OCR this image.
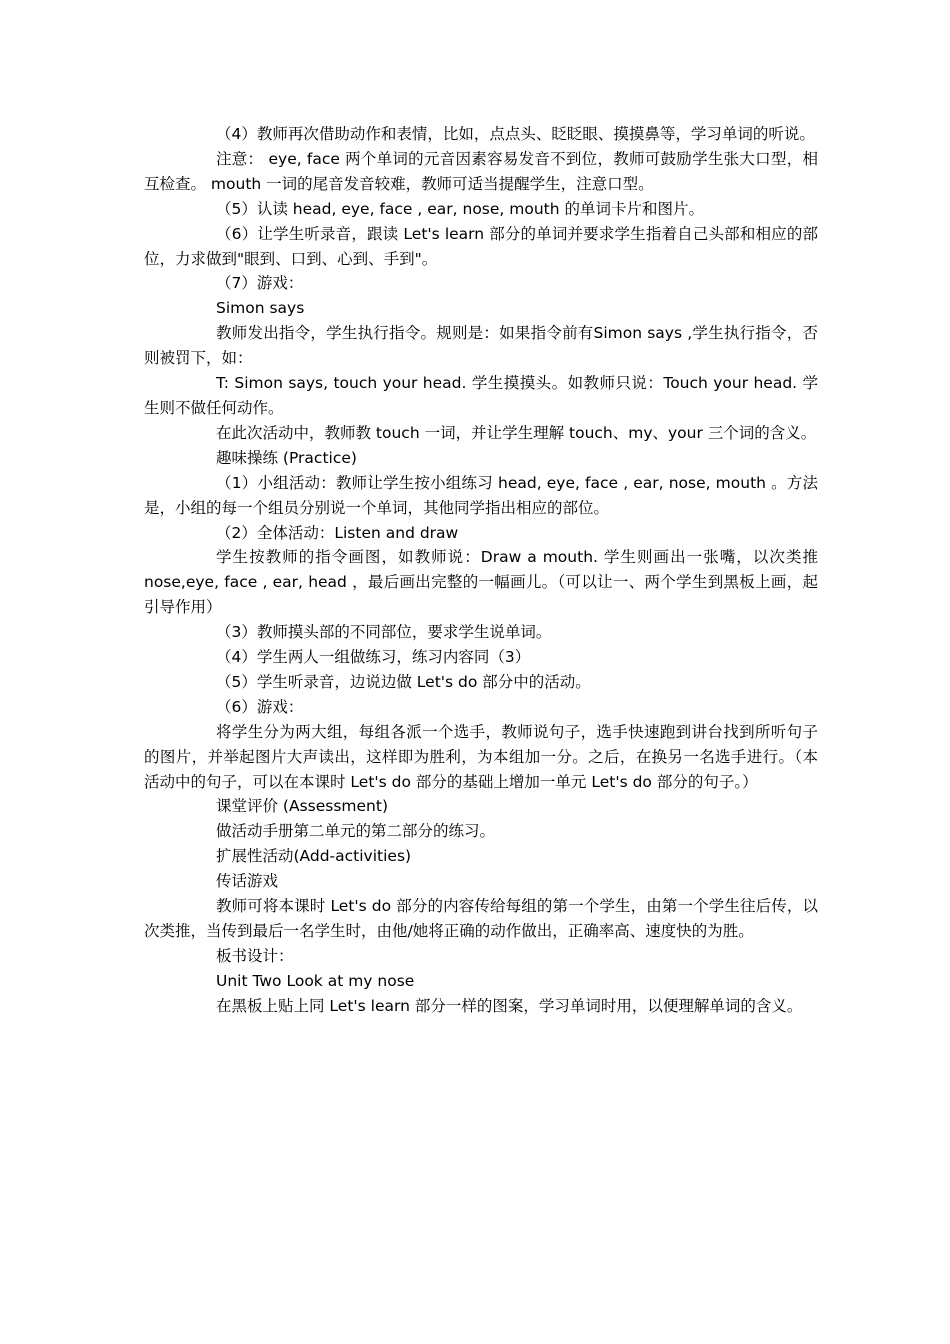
（4）教师再次借助动作和表情，比如，点点头、眨眨眼、摸摸鼻等，学习单词的听说。

注意： eye, face 两个单词的元音因素容易发音不到位，教师可鼓励学生张大口型，相互检查。 mouth 一词的尾音发音较难，教师可适当提醒学生，注意口型。

（5）认读 head, eye, face , ear, nose, mouth 的单词卡片和图片。

（6）让学生听录音，跟读 Let's learn 部分的单词并要求学生指着自己头部和相应的部位，力求做到"眼到、口到、心到、手到"。

（7）游戏：

Simon says

教师发出指令，学生执行指令。规则是：如果指令前有Simon says ,学生执行指令，否则被罚下，如：

T: Simon says, touch your head. 学生摸摸头。如教师只说：Touch your head. 学生则不做任何动作。

在此次活动中，教师教 touch 一词，并让学生理解 touch、my、your 三个词的含义。

趣味操练 (Practice)

（1）小组活动：教师让学生按小组练习 head, eye, face , ear, nose, mouth 。方法是，小组的每一个组员分别说一个单词，其他同学指出相应的部位。

（2）全体活动：Listen and draw

学生按教师的指令画图，如教师说：Draw a mouth. 学生则画出一张嘴，以次类推 nose,eye, face , ear, head ，最后画出完整的一幅画儿。（可以让一、两个学生到黑板上画，起引导作用）

（3）教师摸头部的不同部位，要求学生说单词。

（4）学生两人一组做练习，练习内容同（3）

（5）学生听录音，边说边做 Let's do 部分中的活动。

（6）游戏：

将学生分为两大组，每组各派一个选手，教师说句子，选手快速跑到讲台找到所听句子的图片，并举起图片大声读出，这样即为胜利，为本组加一分。之后，在换另一名选手进行。（本活动中的句子，可以在本课时 Let's do 部分的基础上增加一单元 Let's do 部分的句子。）

课堂评价 (Assessment)

做活动手册第二单元的第二部分的练习。

扩展性活动(Add-activities)

传话游戏

教师可将本课时 Let's do 部分的内容传给每组的第一个学生，由第一个学生往后传，以次类推，当传到最后一名学生时，由他/她将正确的动作做出，正确率高、速度快的为胜。

板书设计：

Unit Two Look at my nose

在黑板上贴上同 Let's learn 部分一样的图案，学习单词时用，以便理解单词的含义。
